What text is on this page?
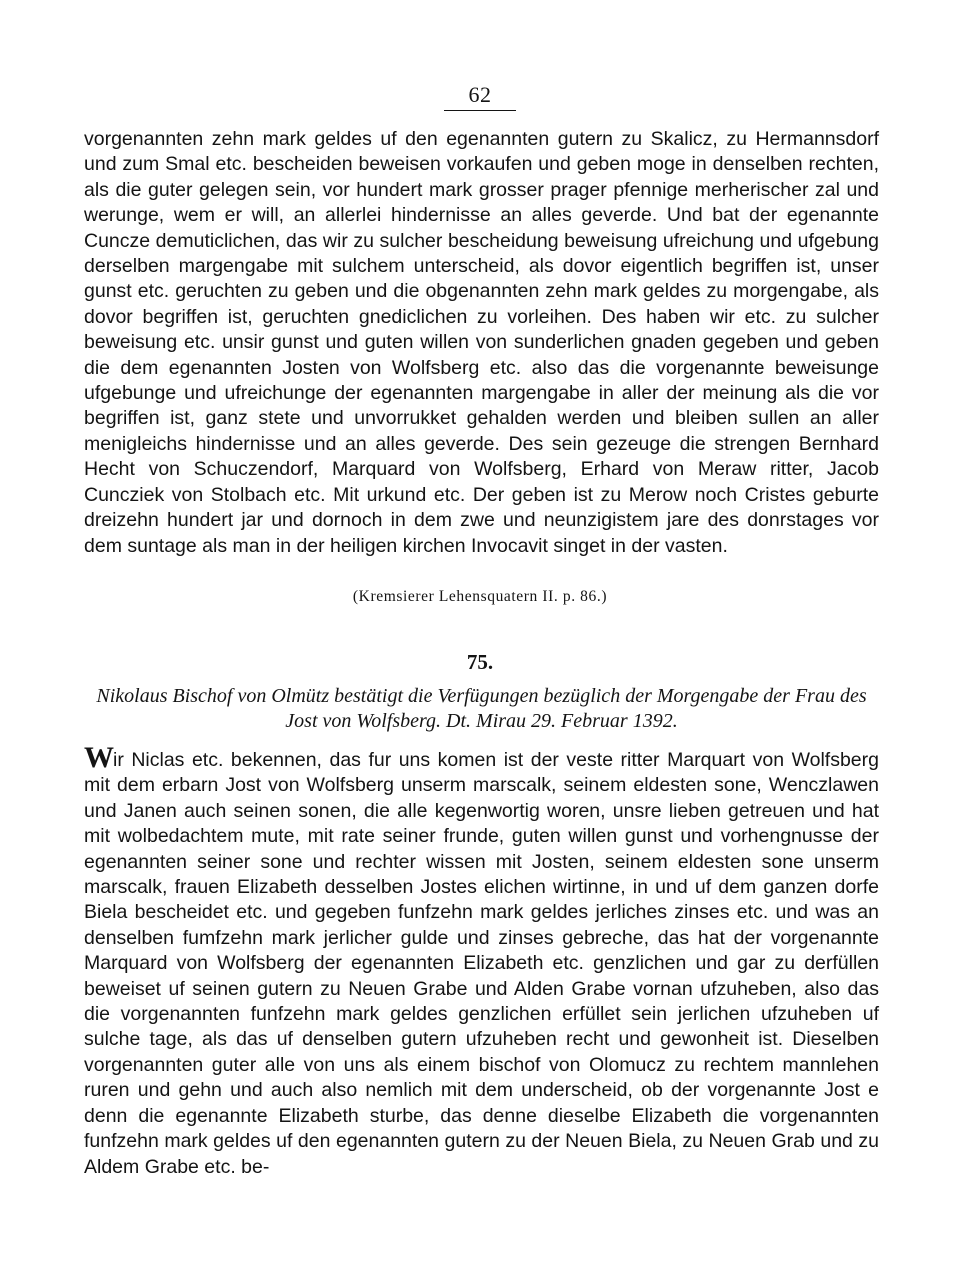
62

vorgenannten zehn mark geldes uf den egenannten gutern zu Skalicz, zu Hermannsdorf und zum Smal etc. bescheiden beweisen vorkaufen und geben moge in denselben rechten, als die guter gelegen sein, vor hundert mark grosser prager pfennige merherischer zal und werunge, wem er will, an allerlei hindernisse an alles geverde. Und bat der egenannte Cuncze demuticlichen, das wir zu sulcher bescheidung beweisung ufreichung und ufgebung derselben margengabe mit sulchem unterscheid, als dovor eigentlich begriffen ist, unser gunst etc. geruchten zu geben und die obgenannten zehn mark geldes zu morgengabe, als dovor begriffen ist, geruchten gnediclichen zu vorleihen. Des haben wir etc. zu sulcher beweisung etc. unsir gunst und guten willen von sunderlichen gnaden gegeben und geben die dem egenannten Josten von Wolfsberg etc. also das die vorgenannte beweisunge ufgebunge und ufreichunge der egenannten margengabe in aller der meinung als die vor begriffen ist, ganz stete und unvorrukket gehalden werden und bleiben sullen an aller menigleichs hindernisse und an alles geverde. Des sein gezeuge die strengen Bernhard Hecht von Schuczendorf, Marquard von Wolfsberg, Erhard von Meraw ritter, Jacob Cuncziek von Stolbach etc. Mit urkund etc. Der geben ist zu Merow noch Cristes geburte dreizehn hundert jar und dornoch in dem zwe und neunzigistem jare des donrstages vor dem suntage als man in der heiligen kirchen Invocavit singet in der vasten.

(Kremsierer Lehensquatern II. p. 86.)
75.
Nikolaus Bischof von Olmütz bestätigt die Verfügungen bezüglich der Morgengabe der Frau des Jost von Wolfsberg. Dt. Mirau 29. Februar 1392.

Wir Niclas etc. bekennen, das fur uns komen ist der veste ritter Marquart von Wolfsberg mit dem erbarn Jost von Wolfsberg unserm marscalk, seinem eldesten sone, Wenczlawen und Janen auch seinen sonen, die alle kegenwortig woren, unsre lieben getreuen und hat mit wolbedachtem mute, mit rate seiner frunde, guten willen gunst und vorhengnusse der egenannten seiner sone und rechter wissen mit Josten, seinem eldesten sone unserm marscalk, frauen Elizabeth desselben Jostes elichen wirtinne, in und uf dem ganzen dorfe Biela bescheidet etc. und gegeben funfzehn mark geldes jerliches zinses etc. und was an denselben fumfzehn mark jerlicher gulde und zinses gebreche, das hat der vorgenannte Marquard von Wolfsberg der egenannten Elizabeth etc. genzlichen und gar zu derfüllen beweiset uf seinen gutern zu Neuen Grabe und Alden Grabe vornan ufzuheben, also das die vorgenannten funfzehn mark geldes genzlichen erfüllet sein jerlichen ufzuheben uf sulche tage, als das uf denselben gutern ufzuheben recht und gewonheit ist. Dieselben vorgenannten guter alle von uns als einem bischof von Olomucz zu rechtem mannlehen ruren und gehn und auch also nemlich mit dem underscheid, ob der vorgenannte Jost e denn die egenannte Elizabeth sturbe, das denne dieselbe Elizabeth die vorgenannten funfzehn mark geldes uf den egenannten gutern zu der Neuen Biela, zu Neuen Grab und zu Aldem Grabe etc. be-
